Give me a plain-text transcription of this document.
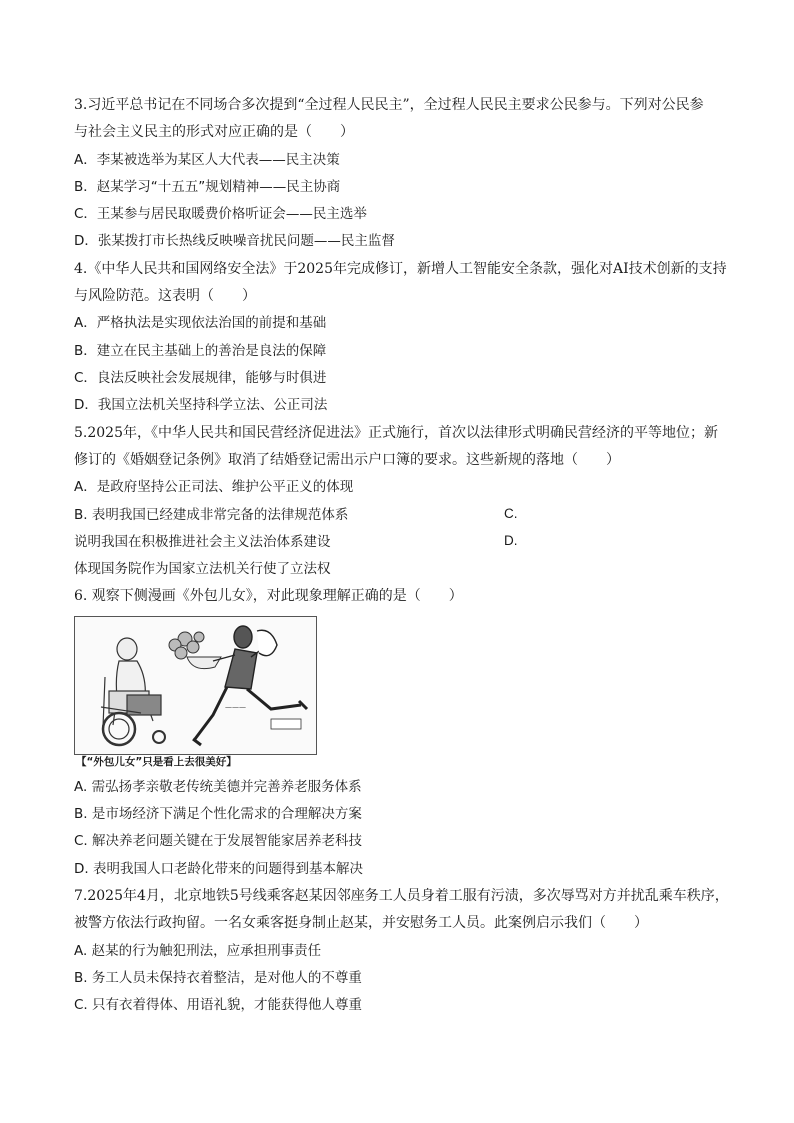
3.习近平总书记在不同场合多次提到“全过程人民民主”，全过程人民民主要求公民参与。下列对公民参
与社会主义民主的形式对应正确的是（　　）
A．李某被选举为某区人大代表——民主决策
B．赵某学习“十五五”规划精神——民主协商
C．王某参与居民取暖费价格听证会——民主选举
D．张某拨打市长热线反映噪音扰民问题——民主监督
4.《中华人民共和国网络安全法》于2025年完成修订，新增人工智能安全条款，强化对AI技术创新的支持
与风险防范。这表明（　　）
A．严格执法是实现依法治国的前提和基础
B．建立在民主基础上的善治是良法的保障
C．良法反映社会发展规律，能够与时俱进
D．我国立法机关坚持科学立法、公正司法
5.2025年，《中华人民共和国民营经济促进法》正式施行，首次以法律形式明确民营经济的平等地位；新
修订的《婚姻登记条例》取消了结婚登记需出示户口簿的要求。这些新规的落地（　　）
A．是政府坚持公正司法、维护公平正义的体现
B. 表明我国已经建成非常完备的法律规范体系	C.
说明我国在积极推进社会主义法治体系建设	D.
体现国务院作为国家立法机关行使了立法权
6. 观察下侧漫画《外包儿女》，对此现象理解正确的是（　　）
———
【“外包儿女”只是看上去很美好】
A. 需弘扬孝亲敬老传统美德并完善养老服务体系
B. 是市场经济下满足个性化需求的合理解决方案
C. 解决养老问题关键在于发展智能家居养老科技
D. 表明我国人口老龄化带来的问题得到基本解决
7.2025年4月，北京地铁5号线乘客赵某因邻座务工人员身着工服有污渍，多次辱骂对方并扰乱乘车秩序，
被警方依法行政拘留。一名女乘客挺身制止赵某，并安慰务工人员。此案例启示我们（　　）
A. 赵某的行为触犯刑法，应承担刑事责任
B. 务工人员未保持衣着整洁，是对他人的不尊重
C. 只有衣着得体、用语礼貌，才能获得他人尊重
